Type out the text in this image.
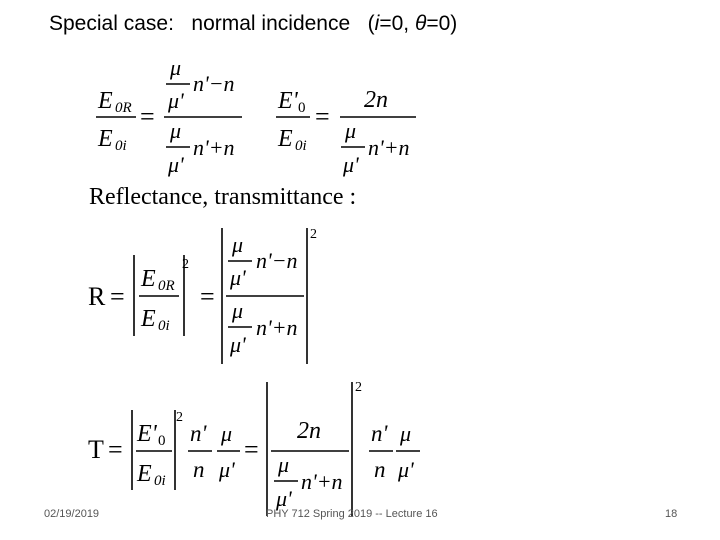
Special case:   normal incidence   (i=0, θ=0)
E 0R
E 0i
=
μ
μ'
n'−n
μ
μ'
n'+n
E' 0
E 0i
=
2n
μ
μ'
n'+n
Reflectance, transmittance :
R =
E 0R
E 0i
2
=
μ
μ'
n'−n
μ
μ'
n'+n
2
T =
E' 0
E 0i
2
n'
n
μ
μ'
=
2n
μ
μ'
n'+n
2
n'
n
μ
μ'
02/19/2019	PHY 712 Spring 2019 -- Lecture 16	18
